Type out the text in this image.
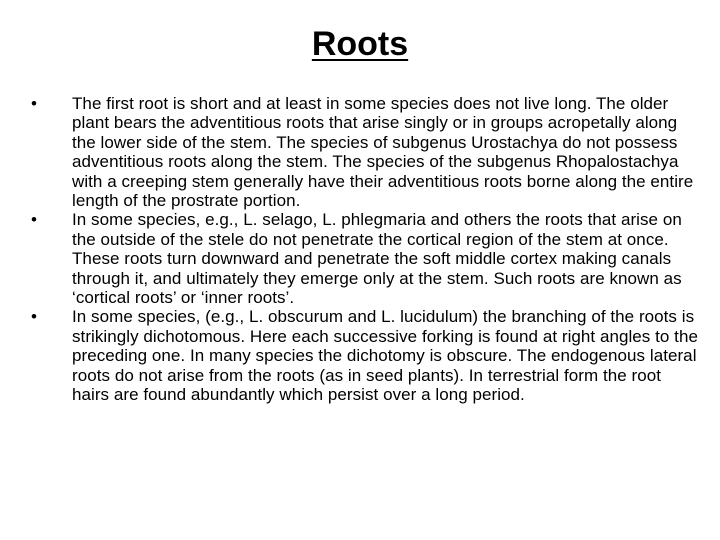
Roots
• The first root is short and at least in some species does not live long. The older plant bears the adventitious roots that arise singly or in groups acropetally along the lower side of the stem. The species of subgenus Urostachya do not possess adventitious roots along the stem. The species of the subgenus Rhopalostachya with a creeping stem generally have their adventitious roots borne along the entire length of the prostrate portion.
• In some species, e.g., L. selago, L. phlegmaria and others the roots that arise on the outside of the stele do not penetrate the cortical region of the stem at once. These roots turn downward and penetrate the soft middle cortex making canals through it, and ultimately they emerge only at the stem. Such roots are known as ‘cortical roots’ or ‘inner roots’.
• In some species, (e.g., L. obscurum and L. lucidulum) the branching of the roots is strikingly dichotomous. Here each successive forking is found at right angles to the preceding one. In many species the dichotomy is obscure. The endogenous lateral roots do not arise from the roots (as in seed plants). In terrestrial form the root hairs are found abundantly which persist over a long period.
